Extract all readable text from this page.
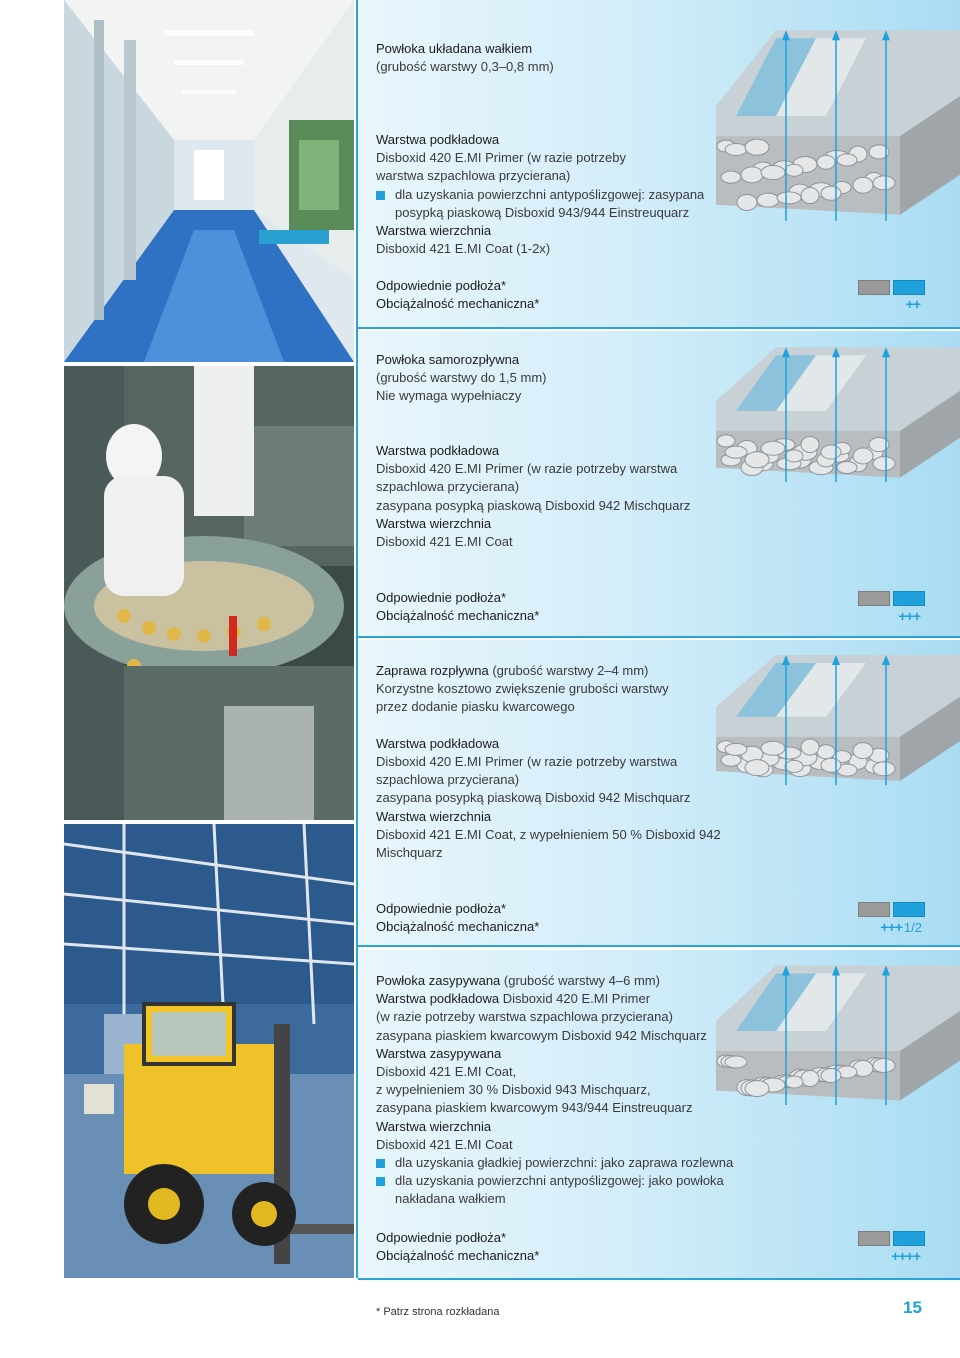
Powłoka układana wałkiem
(grubość warstwy 0,3–0,8 mm)

Warstwa podkładowa
Disboxid 420 E.MI Primer (w razie potrzeby
warstwa szpachlowa przycierana)
dla uzyskania powierzchni antypoślizgowej: zasypana
posypką piaskową Disboxid 943/944 Einstreuquarz
Warstwa wierzchnia
Disboxid 421 E.MI Coat (1-2x)
Powłoka samorozpływna
(grubość warstwy do 1,5 mm)
Nie wymaga wypełniaczy

Warstwa podkładowa
Disboxid 420 E.MI Primer (w razie potrzeby warstwa
szpachlowa przycierana)
zasypana posypką piaskową Disboxid 942 Mischquarz
Warstwa wierzchnia
Disboxid 421 E.MI Coat
Zaprawa rozpływna (grubość warstwy 2–4 mm)
Korzystne kosztowo zwiększenie grubości warstwy
przez dodanie piasku kwarcowego

Warstwa podkładowa
Disboxid 420 E.MI Primer (w razie potrzeby warstwa
szpachlowa przycierana)
zasypana posypką piaskową Disboxid 942 Mischquarz
Warstwa wierzchnia
Disboxid 421 E.MI Coat, z wypełnieniem 50 % Disboxid 942
Mischquarz
Powłoka zasypywana (grubość warstwy 4–6 mm)
Warstwa podkładowa Disboxid 420 E.MI Primer
(w razie potrzeby warstwa szpachlowa przycierana)
zasypana piaskiem kwarcowym Disboxid 942 Mischquarz
Warstwa zasypywana
Disboxid 421 E.MI Coat,
z wypełnieniem 30 % Disboxid 943 Mischquarz,
zasypana piaskiem kwarcowym 943/944 Einstreuquarz
Warstwa wierzchnia
Disboxid 421 E.MI Coat
dla uzyskania gładkiej powierzchni: jako zaprawa rozlewna
dla uzyskania powierzchni antypoślizgowej: jako powłoka
nakładana wałkiem
Odpowiednie podłoża*
Obciążalność mechaniczna*	++
Odpowiednie podłoża*
Obciążalność mechaniczna*	+++
Odpowiednie podłoża*
Obciążalność mechaniczna*	+++ 1/2
Odpowiednie podłoża*
Obciążalność mechaniczna*	++++
* Patrz strona rozkładana	15
